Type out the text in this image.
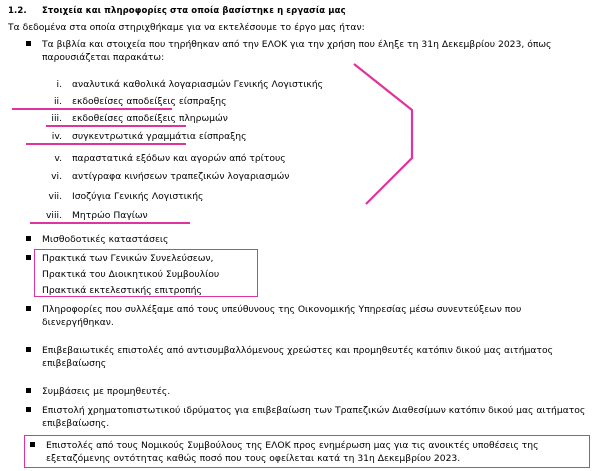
1.2. Στοιχεία και πληροφορίες στα οποία βασίστηκε η εργασία μας
Τα δεδομένα στα οποία στηριχθήκαμε για να εκτελέσουμε το έργο μας ήταν:
Τα βιβλία και στοιχεία που τηρήθηκαν από την ΕΛΟΚ για την χρήση που έληξε τη 31η Δεκεμβρίου 2023, όπως παρουσιάζεται παρακάτω:
i. αναλυτικά καθολικά λογαριασμών Γενικής Λογιστικής
ii. εκδοθείσες αποδείξεις είσπραξης
iii. εκδοθείσες αποδείξεις πληρωμών
iv. συγκεντρωτικά γραμμάτια είσπραξης
v. παραστατικά εξόδων και αγορών από τρίτους
vi. αντίγραφα κινήσεων τραπεζικών λογαριασμών
vii. Ισοζύγια Γενικής Λογιστικής
viii. Μητρώο Παγίων
Μισθοδοτικές καταστάσεις
Πρακτικά των Γενικών Συνελεύσεων,
Πρακτικά του Διοικητικού Συμβουλίου
Πρακτικά εκτελεστικής επιτροπής
Πληροφορίες που συλλέξαμε από τους υπεύθυνους της Οικονομικής Υπηρεσίας μέσω συνεντεύξεων που διενεργήθηκαν.
Επιβεβαιωτικές επιστολές από αντισυμβαλλόμενους χρεώστες και προμηθευτές κατόπιν δικού μας αιτήματος επιβεβαίωσης
Συμβάσεις με προμηθευτές.
Επιστολή χρηματοπιστωτικού ιδρύματος για επιβεβαίωση των Τραπεζικών Διαθεσίμων κατόπιν δικού μας αιτήματος επιβεβαίωσης.
Επιστολές από τους Νομικούς Συμβούλους της ΕΛΟΚ προς ενημέρωση μας για τις ανοικτές υποθέσεις της εξεταζόμενης οντότητας καθώς ποσό που τους οφείλεται κατά τη 31η Δεκεμβρίου 2023.
